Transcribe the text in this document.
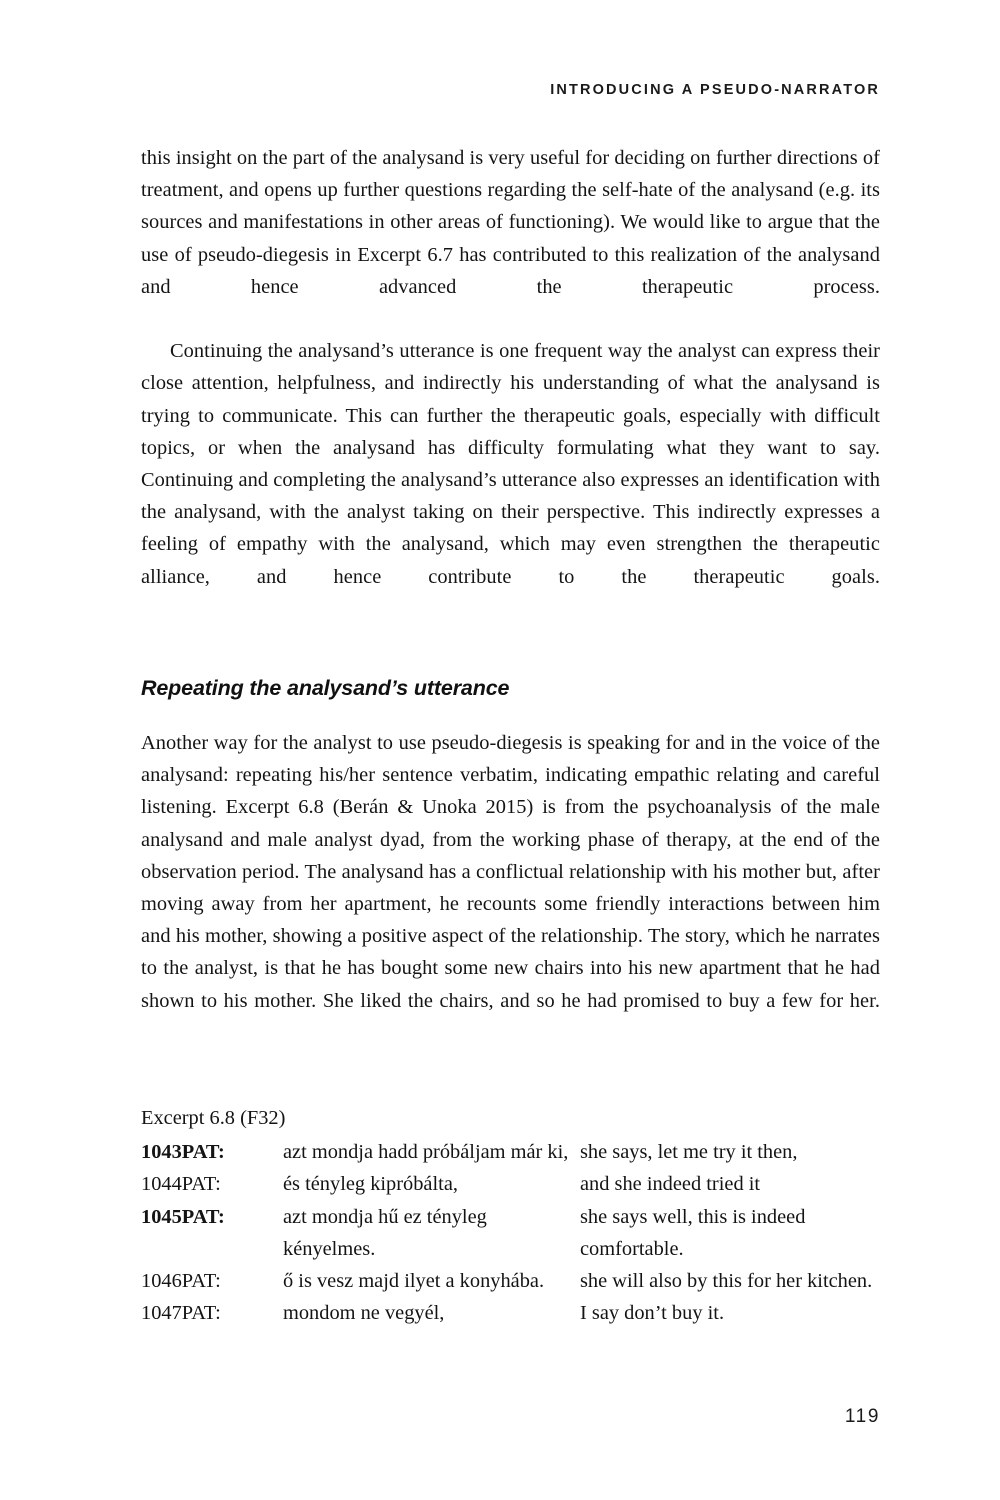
INTRODUCING A PSEUDO-NARRATOR

this insight on the part of the analysand is very useful for deciding on further directions of treatment, and opens up further questions regarding the self-hate of the analysand (e.g. its sources and manifestations in other areas of functioning). We would like to argue that the use of pseudo-diegesis in Excerpt 6.7 has contributed to this realization of the analysand and hence advanced the therapeutic process.

Continuing the analysand’s utterance is one frequent way the analyst can express their close attention, helpfulness, and indirectly his understanding of what the analysand is trying to communicate. This can further the therapeutic goals, especially with difficult topics, or when the analysand has difficulty formulating what they want to say. Continuing and completing the analysand’s utterance also expresses an identification with the analysand, with the analyst taking on their perspective. This indirectly expresses a feeling of empathy with the analysand, which may even strengthen the therapeutic alliance, and hence contribute to the therapeutic goals.

Repeating the analysand’s utterance

Another way for the analyst to use pseudo-diegesis is speaking for and in the voice of the analysand: repeating his/her sentence verbatim, indicating empathic relating and careful listening. Excerpt 6.8 (Berán & Unoka 2015) is from the psychoanalysis of the male analysand and male analyst dyad, from the working phase of therapy, at the end of the observation period. The analysand has a conflictual relationship with his mother but, after moving away from her apartment, he recounts some friendly interactions between him and his mother, showing a positive aspect of the relationship. The story, which he narrates to the analyst, is that he has bought some new chairs into his new apartment that he had shown to his mother. She liked the chairs, and so he had promised to buy a few for her.

Excerpt 6.8 (F32)
1043PAT:	azt mondja hadd próbáljam már ki,	she says, let me try it then,
1044PAT:	és tényleg kipróbálta,	and she indeed tried it
1045PAT:	azt mondja hű ez tényleg kényelmes.	she says well, this is indeed comfortable.
1046PAT:	ő is vesz majd ilyet a konyhába.	she will also by this for her kitchen.
1047PAT:	mondom ne vegyél,	I say don’t buy it.
119
